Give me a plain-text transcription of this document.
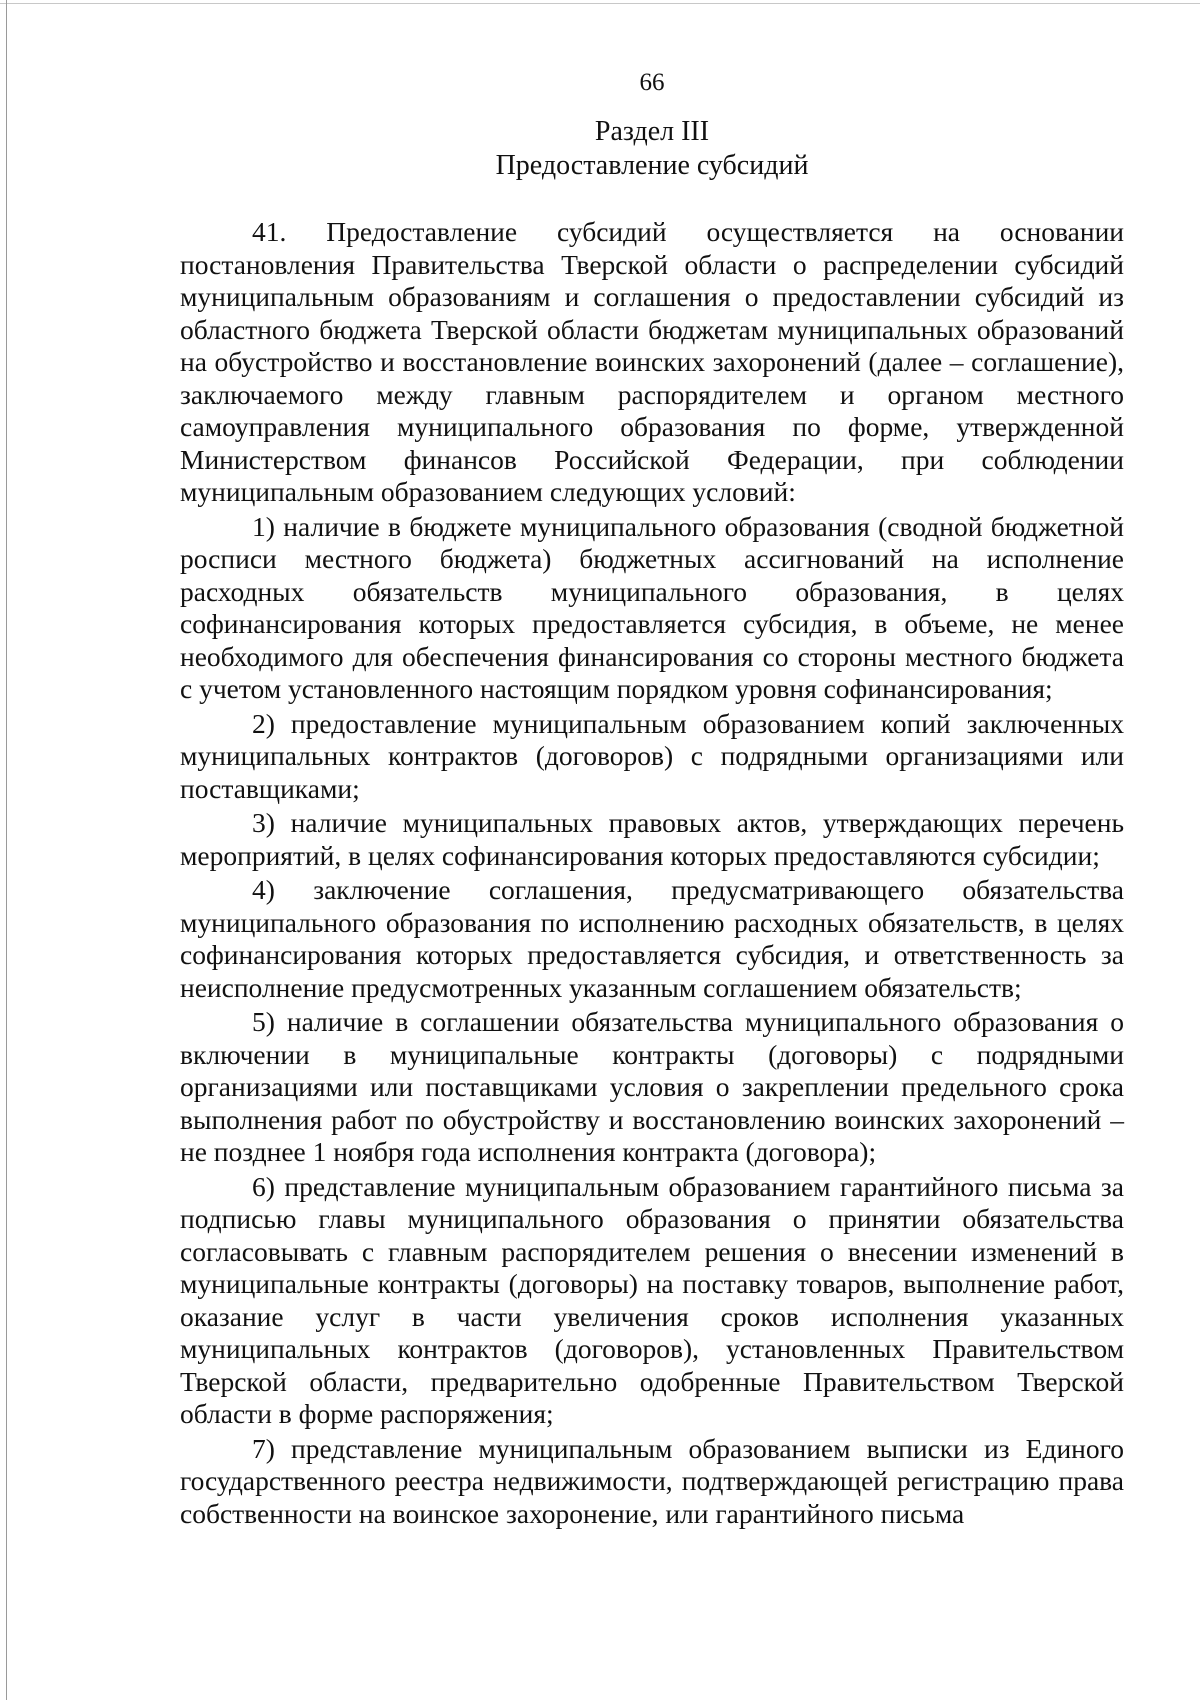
66
Раздел III
Предоставление субсидий

41. Предоставление субсидий осуществляется на основании постановления Правительства Тверской области о распределении субсидий муниципальным образованиям и соглашения о предоставлении субсидий из областного бюджета Тверской области бюджетам муниципальных образований на обустройство и восстановление воинских захоронений (далее – соглашение), заключаемого между главным распорядителем и органом местного самоуправления муниципального образования по форме, утвержденной Министерством финансов Российской Федерации, при соблюдении муниципальным образованием следующих условий:

1) наличие в бюджете муниципального образования (сводной бюджетной росписи местного бюджета) бюджетных ассигнований на исполнение расходных обязательств муниципального образования, в целях софинансирования которых предоставляется субсидия, в объеме, не менее необходимого для обеспечения финансирования со стороны местного бюджета с учетом установленного настоящим порядком уровня софинансирования;

2) предоставление муниципальным образованием копий заключенных муниципальных контрактов (договоров) с подрядными организациями или поставщиками;

3) наличие муниципальных правовых актов, утверждающих перечень мероприятий, в целях софинансирования которых предоставляются субсидии;

4) заключение соглашения, предусматривающего обязательства муниципального образования по исполнению расходных обязательств, в целях софинансирования которых предоставляется субсидия, и ответственность за неисполнение предусмотренных указанным соглашением обязательств;

5) наличие в соглашении обязательства муниципального образования о включении в муниципальные контракты (договоры) с подрядными организациями или поставщиками условия о закреплении предельного срока выполнения работ по обустройству и восстановлению воинских захоронений – не позднее 1 ноября года исполнения контракта (договора);

6) представление муниципальным образованием гарантийного письма за подписью главы муниципального образования о принятии обязательства согласовывать с главным распорядителем решения о внесении изменений в муниципальные контракты (договоры) на поставку товаров, выполнение работ, оказание услуг в части увеличения сроков исполнения указанных муниципальных контрактов (договоров), установленных Правительством Тверской области, предварительно одобренные Правительством Тверской области в форме распоряжения;

7) представление муниципальным образованием выписки из Единого государственного реестра недвижимости, подтверждающей регистрацию права собственности на воинское захоронение, или гарантийного письма
